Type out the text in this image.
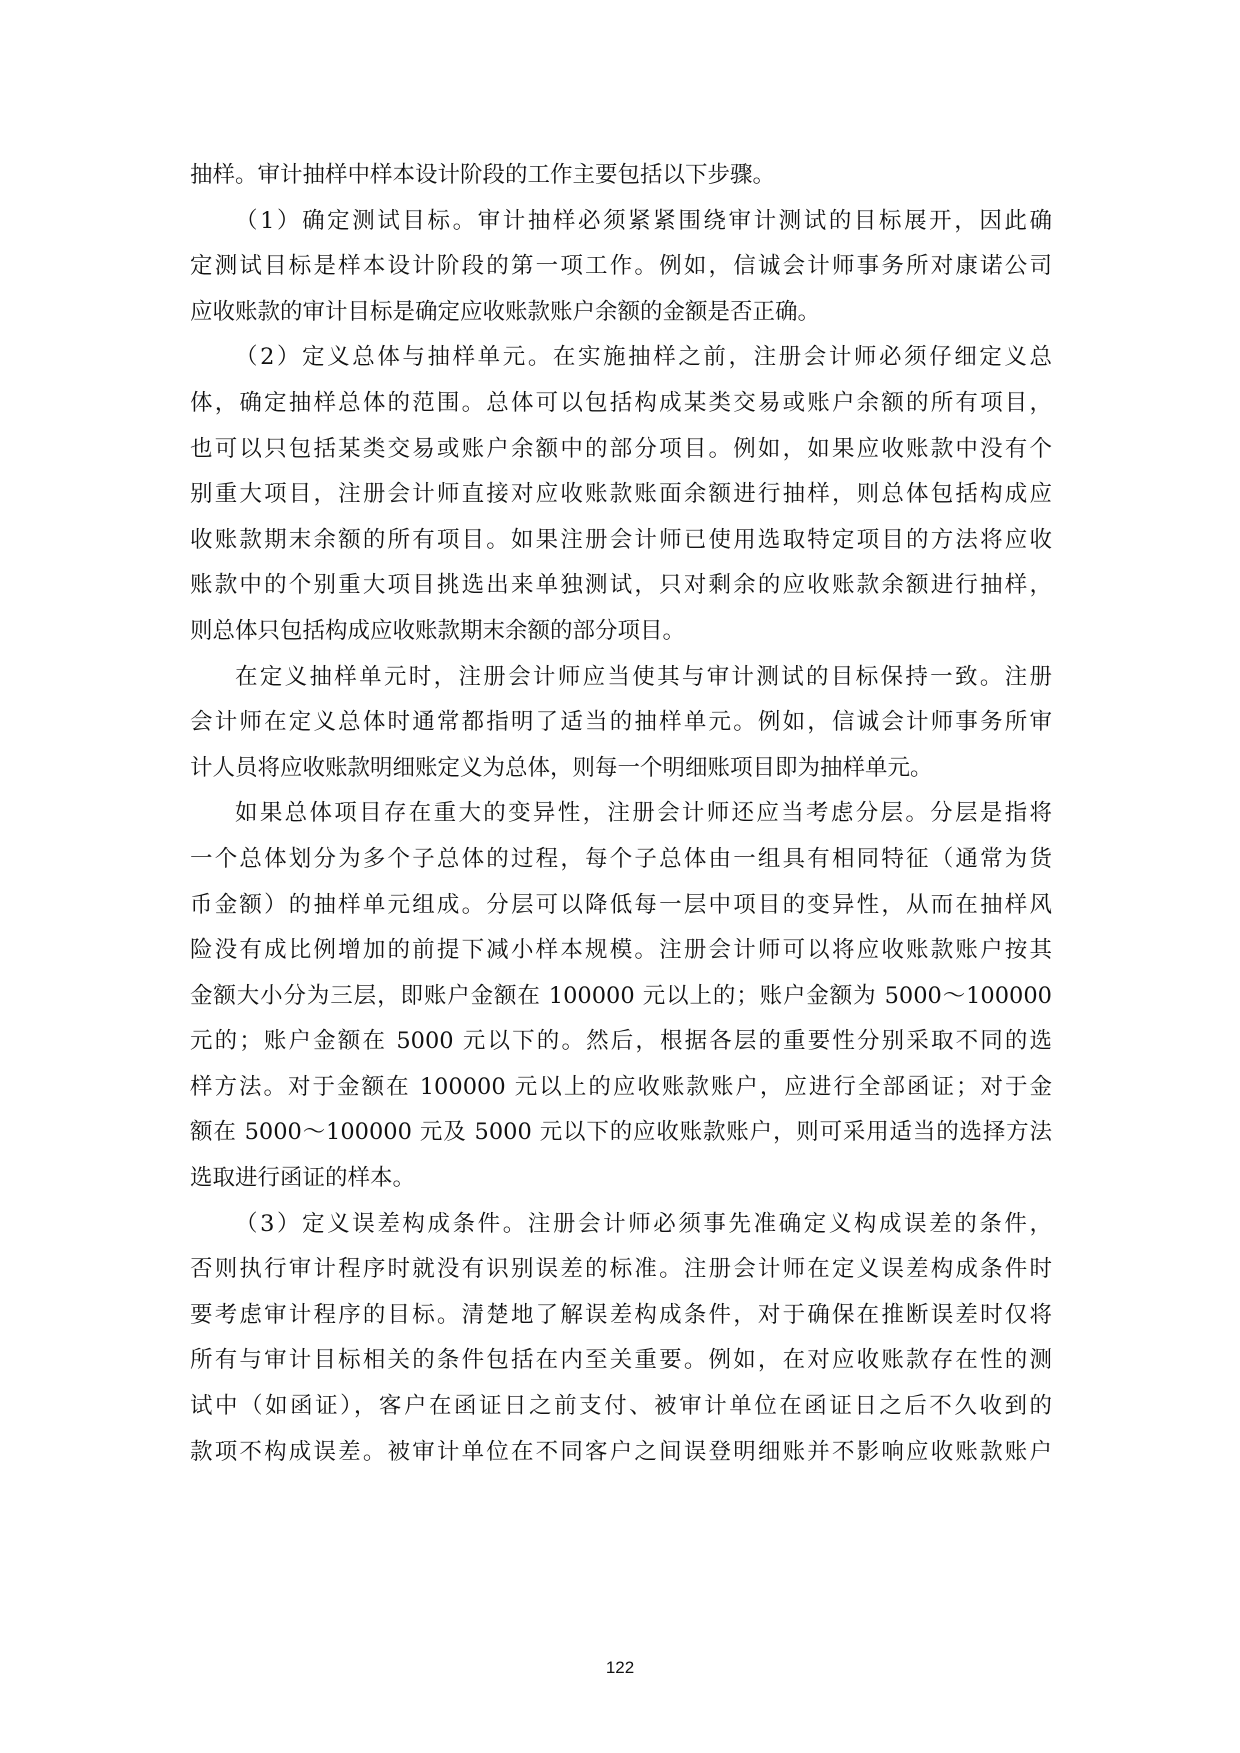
抽样。审计抽样中样本设计阶段的工作主要包括以下步骤。
（1）确定测试目标。审计抽样必须紧紧围绕审计测试的目标展开，因此确
定测试目标是样本设计阶段的第一项工作。例如，信诚会计师事务所对康诺公司
应收账款的审计目标是确定应收账款账户余额的金额是否正确。
（2）定义总体与抽样单元。在实施抽样之前，注册会计师必须仔细定义总
体，确定抽样总体的范围。总体可以包括构成某类交易或账户余额的所有项目，
也可以只包括某类交易或账户余额中的部分项目。例如，如果应收账款中没有个
别重大项目，注册会计师直接对应收账款账面余额进行抽样，则总体包括构成应
收账款期末余额的所有项目。如果注册会计师已使用选取特定项目的方法将应收
账款中的个别重大项目挑选出来单独测试，只对剩余的应收账款余额进行抽样，
则总体只包括构成应收账款期末余额的部分项目。
在定义抽样单元时，注册会计师应当使其与审计测试的目标保持一致。注册
会计师在定义总体时通常都指明了适当的抽样单元。例如，信诚会计师事务所审
计人员将应收账款明细账定义为总体，则每一个明细账项目即为抽样单元。
如果总体项目存在重大的变异性，注册会计师还应当考虑分层。分层是指将
一个总体划分为多个子总体的过程，每个子总体由一组具有相同特征（通常为货
币金额）的抽样单元组成。分层可以降低每一层中项目的变异性，从而在抽样风
险没有成比例增加的前提下减小样本规模。注册会计师可以将应收账款账户按其
金额大小分为三层，即账户金额在 100000 元以上的；账户金额为 5000～100000
元的；账户金额在 5000 元以下的。然后，根据各层的重要性分别采取不同的选
样方法。对于金额在 100000 元以上的应收账款账户，应进行全部函证；对于金
额在 5000～100000 元及 5000 元以下的应收账款账户，则可采用适当的选择方法
选取进行函证的样本。
（3）定义误差构成条件。注册会计师必须事先准确定义构成误差的条件，
否则执行审计程序时就没有识别误差的标准。注册会计师在定义误差构成条件时
要考虑审计程序的目标。清楚地了解误差构成条件，对于确保在推断误差时仅将
所有与审计目标相关的条件包括在内至关重要。例如，在对应收账款存在性的测
试中（如函证），客户在函证日之前支付、被审计单位在函证日之后不久收到的
款项不构成误差。被审计单位在不同客户之间误登明细账并不影响应收账款账户
122
